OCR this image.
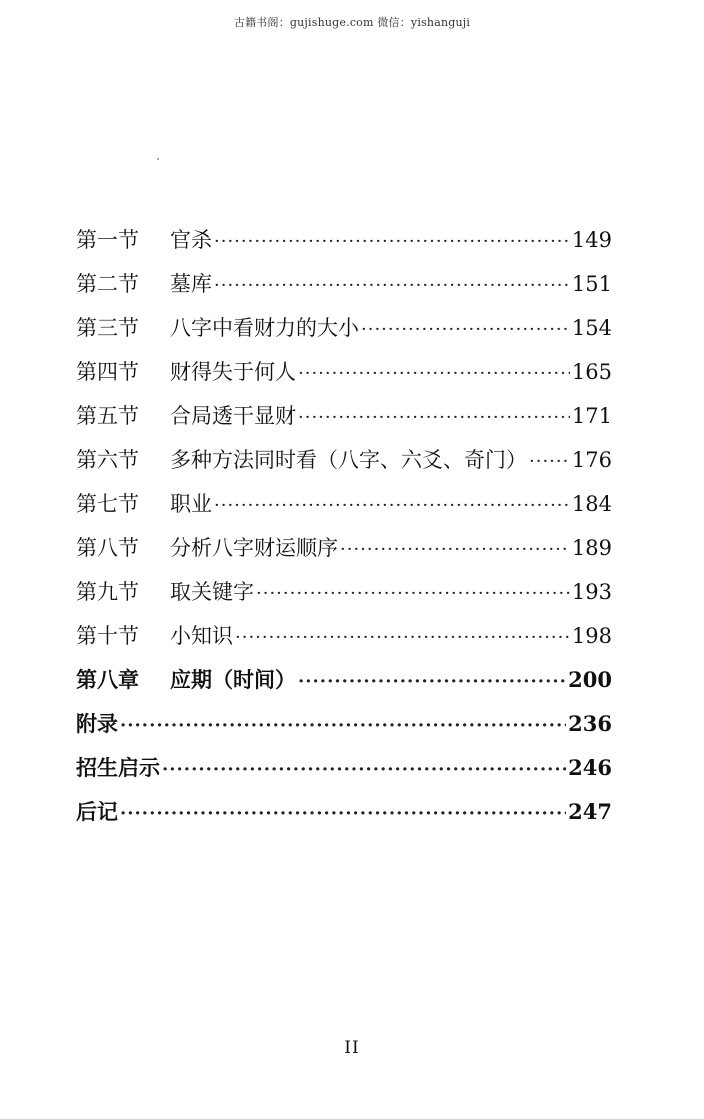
古籍书阁：gujishuge.com 微信：yishanguji
第一节	官杀 ·····	149
第二节	墓库 ·····	151
第三节	八字中看财力的大小 ·····	154
第四节	财得失于何人 ·····	165
第五节	合局透干显财 ·····	171
第六节	多种方法同时看（八字、六爻、奇门） ····· 176
第七节	职业 ·····	184
第八节	分析八字财运顺序 ·····	189
第九节	取关键字 ·····	193
第十节	小知识 ·····	198
第八章	应期（时间） ·····	200
附录 ·····	236
招生启示 ·····	246
后记 ·····	247
II
